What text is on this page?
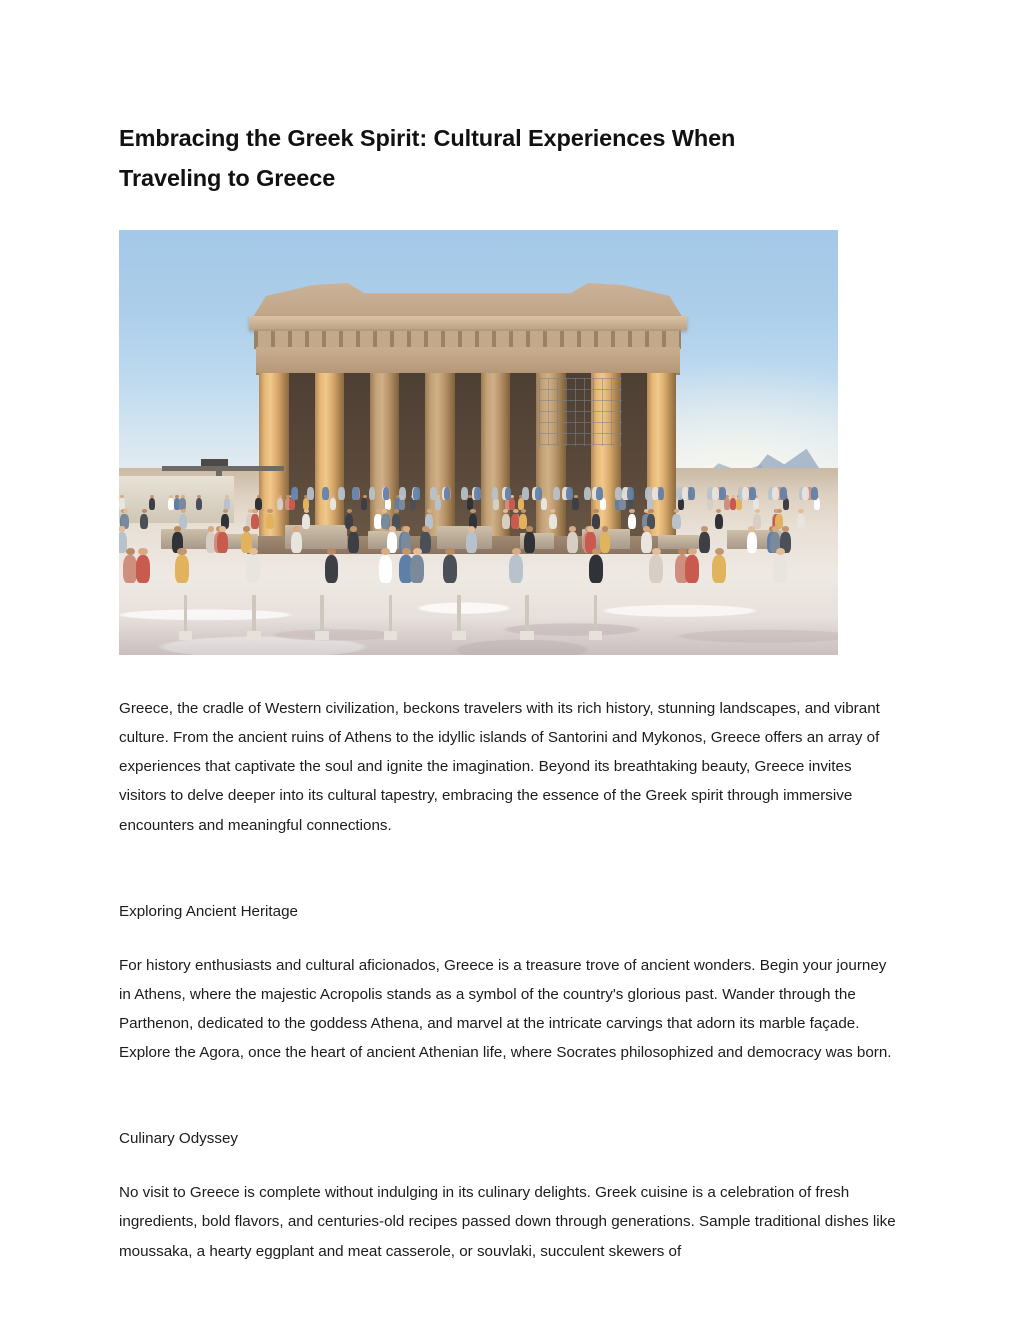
Embracing the Greek Spirit: Cultural Experiences When Traveling to Greece

Greece, the cradle of Western civilization, beckons travelers with its rich history, stunning landscapes, and vibrant culture. From the ancient ruins of Athens to the idyllic islands of Santorini and Mykonos, Greece offers an array of experiences that captivate the soul and ignite the imagination. Beyond its breathtaking beauty, Greece invites visitors to delve deeper into its cultural tapestry, embracing the essence of the Greek spirit through immersive encounters and meaningful connections.

Exploring Ancient Heritage

For history enthusiasts and cultural aficionados, Greece is a treasure trove of ancient wonders. Begin your journey in Athens, where the majestic Acropolis stands as a symbol of the country's glorious past. Wander through the Parthenon, dedicated to the goddess Athena, and marvel at the intricate carvings that adorn its marble façade. Explore the Agora, once the heart of ancient Athenian life, where Socrates philosophized and democracy was born.

Culinary Odyssey

No visit to Greece is complete without indulging in its culinary delights. Greek cuisine is a celebration of fresh ingredients, bold flavors, and centuries-old recipes passed down through generations. Sample traditional dishes like moussaka, a hearty eggplant and meat casserole, or souvlaki, succulent skewers of
